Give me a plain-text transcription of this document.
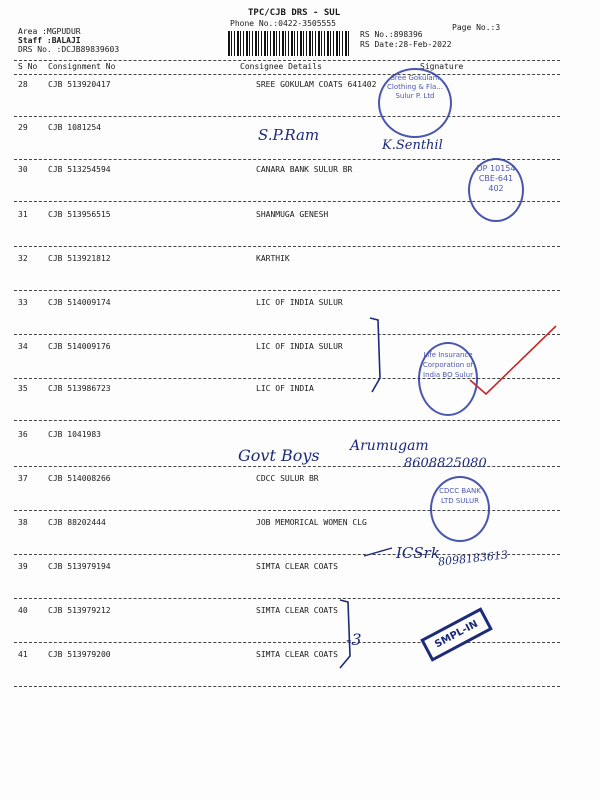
Area :MGPUDUR
Staff :BALAJI
DRS No. :DCJB89839603
TPC/CJB DRS - SUL
Phone No.:0422-3505555
RS No.:898396
RS Date:28-Feb-2022
Page No.:3
S No Consignment No	Consignee Details	Signature
28	CJB 513920417	SREE GOKULAM COATS 641402
29	CJB 1081254
30	CJB 513254594	CANARA BANK SULUR BR
31	CJB 513956515	SHANMUGA GENESH
32	CJB 513921812	KARTHIK
33	CJB 514009174	LIC OF INDIA SULUR
34	CJB 514009176	LIC OF INDIA SULUR
35	CJB 513986723	LIC OF INDIA
36	CJB 1041983
37	CJB 514008266	CDCC SULUR BR
38	CJB 88202444	JOB MEMORICAL WOMEN CLG
39	CJB 513979194	SIMTA CLEAR COATS
40	CJB 513979212	SIMTA CLEAR COATS
41	CJB 513979200	SIMTA CLEAR COATS
S.P.Ram
K.Senthil
Govt Boys Arumugam
8608825080
ICSrk
8098183613
-3
Sree Gokulam Clothing & Fla... Sulur P. Ltd
DP 10154 CBE-641 402
Life Insurance Corporation of India BO Sulur
CDCC BANK LTD SULUR
SMPL-IN
